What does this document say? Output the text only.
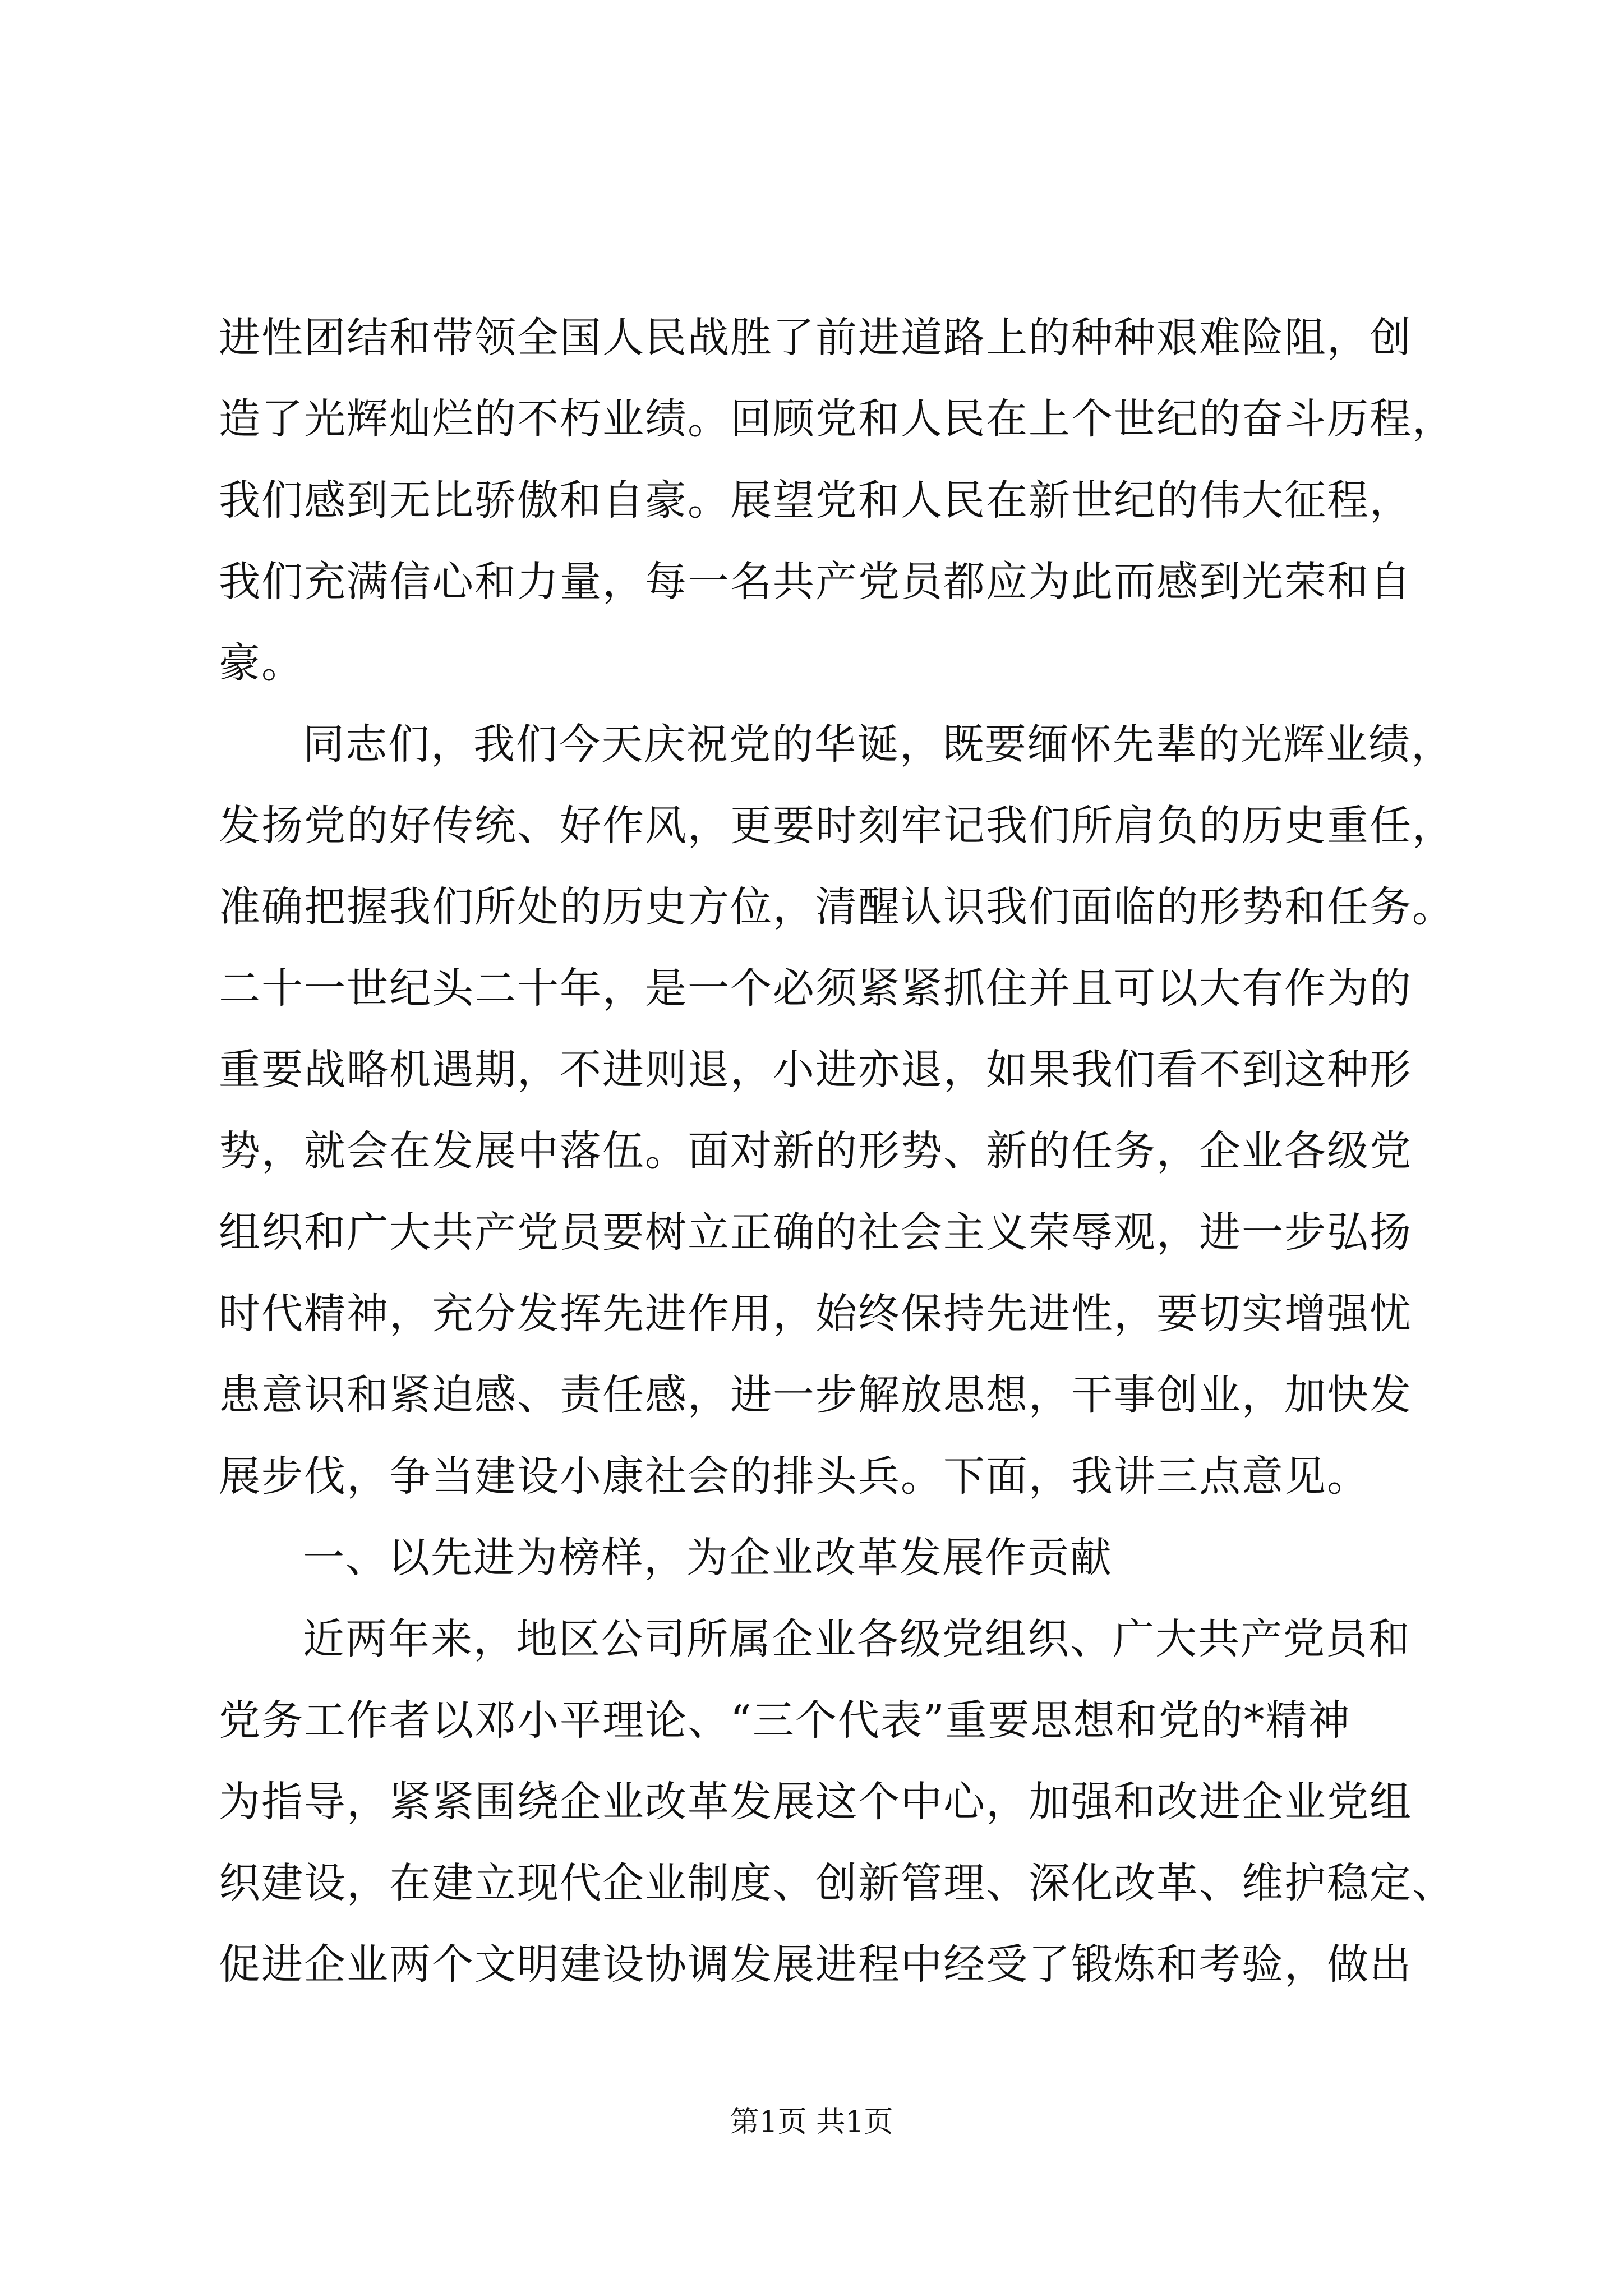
进性团结和带领全国人民战胜了前进道路上的种种艰难险阻，创
造了光辉灿烂的不朽业绩。回顾党和人民在上个世纪的奋斗历程，
我们感到无比骄傲和自豪。展望党和人民在新世纪的伟大征程，
我们充满信心和力量，每一名共产党员都应为此而感到光荣和自
豪。
同志们，我们今天庆祝党的华诞，既要缅怀先辈的光辉业绩，
发扬党的好传统、好作风，更要时刻牢记我们所肩负的历史重任，
准确把握我们所处的历史方位，清醒认识我们面临的形势和任务。
二十一世纪头二十年，是一个必须紧紧抓住并且可以大有作为的
重要战略机遇期，不进则退，小进亦退，如果我们看不到这种形
势，就会在发展中落伍。面对新的形势、新的任务，企业各级党
组织和广大共产党员要树立正确的社会主义荣辱观，进一步弘扬
时代精神，充分发挥先进作用，始终保持先进性，要切实增强忧
患意识和紧迫感、责任感，进一步解放思想，干事创业，加快发
展步伐，争当建设小康社会的排头兵。下面，我讲三点意见。
一、以先进为榜样，为企业改革发展作贡献
近两年来，地区公司所属企业各级党组织、广大共产党员和
党务工作者以邓小平理论、“三个代表”重要思想和党的*精神
为指导，紧紧围绕企业改革发展这个中心，加强和改进企业党组
织建设，在建立现代企业制度、创新管理、深化改革、维护稳定、
促进企业两个文明建设协调发展进程中经受了锻炼和考验，做出
第1页 共1页
